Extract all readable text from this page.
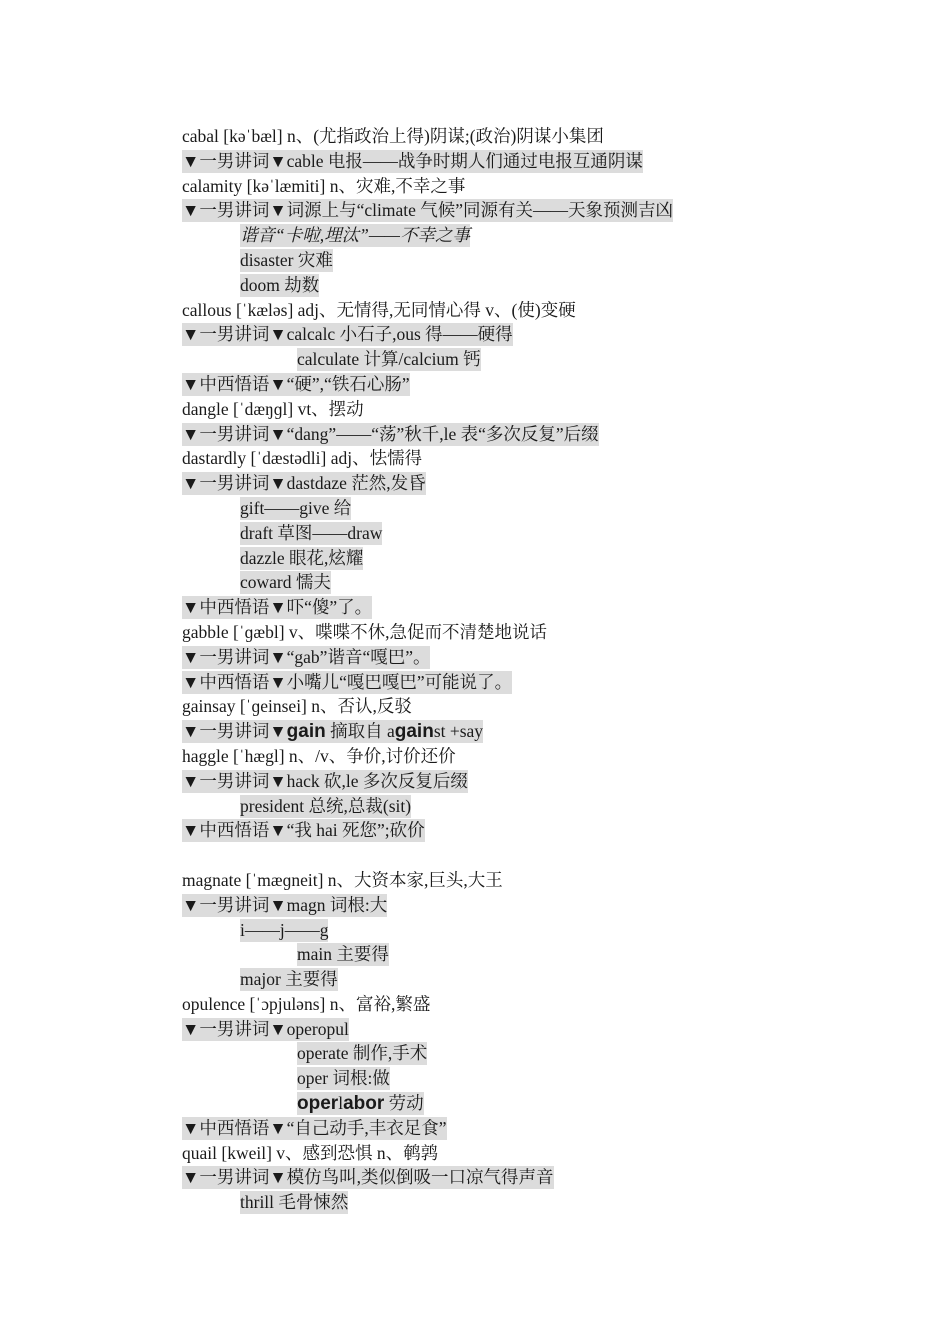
cabal [kəˈbæl] n、(尤指政治上得)阴谋;(政治)阴谋小集团
▼一男讲词▼cable 电报——战争时期人们通过电报互通阴谋
calamity [kəˈlæmiti] n、灾难,不幸之事
▼一男讲词▼词源上与“climate 气候”同源有关——天象预测吉凶
谐音“卡啦,埋汰”——不幸之事
disaster 灾难
doom 劫数
callous [ˈkæləs] adj、无情得,无同情心得 v、(使)变硬
▼一男讲词▼calcalc 小石子,ous 得——硬得
calculate 计算/calcium 钙
▼中西悟语▼“硬”,“铁石心肠”
dangle [ˈdæŋɡl] vt、摆动
▼一男讲词▼“dang”——“荡”秋千,le 表“多次反复”后缀
dastardly [ˈdæstədli] adj、怯懦得
▼一男讲词▼dastdaze 茫然,发昏
gift——give 给
draft 草图——draw
dazzle 眼花,炫耀
coward 懦夫
▼中西悟语▼吓“傻”了。
gabble [ˈɡæbl] v、喋喋不休,急促而不清楚地说话
▼一男讲词▼“gab”谐音“嘎巴”。
▼中西悟语▼小嘴儿“嘎巴嘎巴”可能说了。
gainsay [ˈɡeinsei] n、否认,反驳
▼一男讲词▼gain 摘取自 against +say
haggle [ˈhægl] n、/v、争价,讨价还价
▼一男讲词▼hack 砍,le 多次反复后缀
president 总统,总裁(sit)
▼中西悟语▼“我 hai 死您”;砍价
magnate [ˈmæɡneit] n、大资本家,巨头,大王
▼一男讲词▼magn 词根:大
i——j——g
main 主要得
major 主要得
opulence [ˈɔpjuləns] n、富裕,繁盛
▼一男讲词▼operopul
operate 制作,手术
oper 词根:做
operlabor 劳动
▼中西悟语▼“自己动手,丰衣足食”
quail [kweil] v、感到恐惧 n、鹌鹑
▼一男讲词▼模仿鸟叫,类似倒吸一口凉气得声音
thrill 毛骨悚然
